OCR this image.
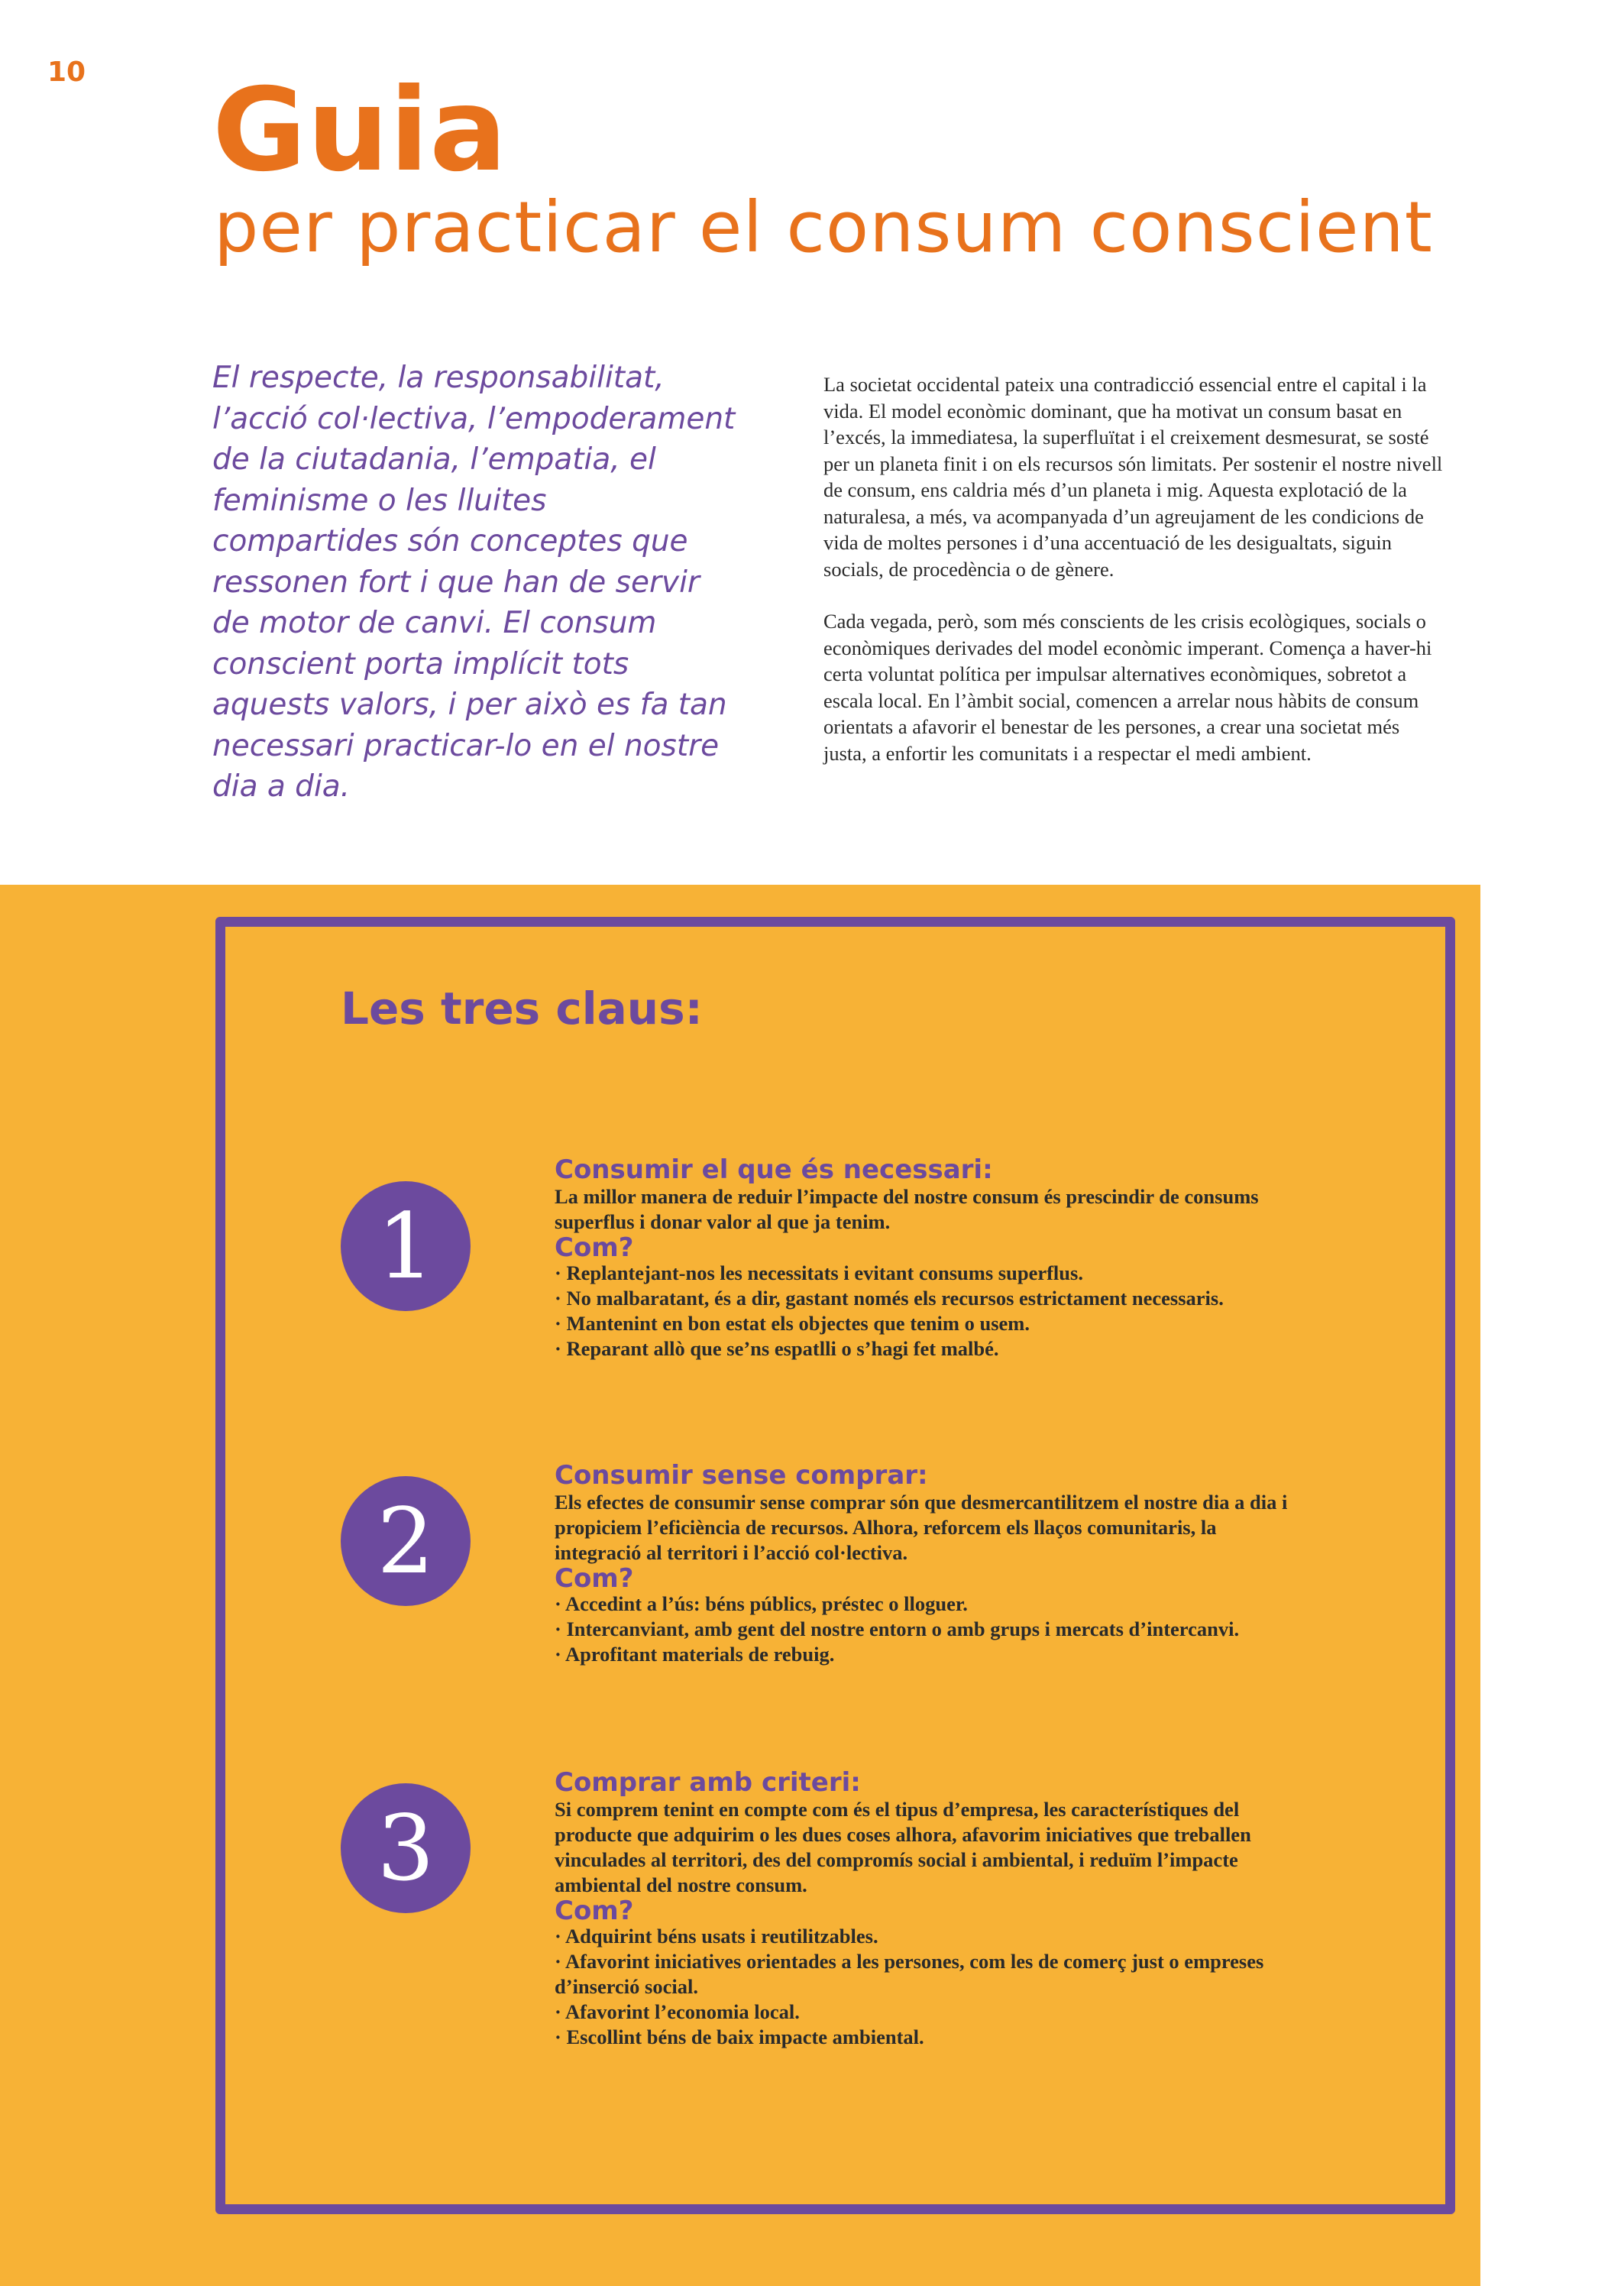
10 Guia
per practicar el consum conscient

El respecte, la responsabilitat, l’acció col·lectiva, l’empoderament de la ciutadania, l’empatia, el feminisme o les lluites compartides són conceptes que ressonen fort i que han de servir de motor de canvi. El consum conscient porta implícit tots aquests valors, i per això es fa tan necessari practicar-lo en el nostre dia a dia.

La societat occidental pateix una contradicció essencial entre el capital i la vida. El model econòmic dominant, que ha motivat un consum basat en l’excés, la immediatesa, la superfluïtat i el creixement desmesurat, se sosté per un planeta finit i on els recursos són limitats. Per sostenir el nostre nivell de consum, ens caldria més d’un planeta i mig. Aquesta explotació de la naturalesa, a més, va acompanyada d’un agreujament de les condicions de vida de moltes persones i d’una accentuació de les desigualtats, siguin socials, de procedència o de gènere.

Cada vegada, però, som més conscients de les crisis ecològiques, socials o econòmiques derivades del model econòmic imperant. Comença a haver-hi certa voluntat política per impulsar alternatives econòmiques, sobretot a escala local. En l’àmbit social, comencen a arrelar nous hàbits de consum orientats a afavorir el benestar de les persones, a crear una societat més justa, a enfortir les comunitats i a respectar el medi ambient.

Les tres claus:
1
Consumir el que és necessari:

La millor manera de reduir l’impacte del nostre consum és prescindir de consums superflus i donar valor al que ja tenim.

Com?
· Replantejant-nos les necessitats i evitant consums superflus.
· No malbaratant, és a dir, gastant només els recursos estrictament necessaris.
· Mantenint en bon estat els objectes que tenim o usem.
· Reparant allò que se’ns espatlli o s’hagi fet malbé.
2
Consumir sense comprar:

Els efectes de consumir sense comprar són que desmercantilitzem el nostre dia a dia i propiciem l’eficiència de recursos. Alhora, reforcem els llaços comunitaris, la integració al territori i l’acció col·lectiva.

Com?
· Accedint a l’ús: béns públics, préstec o lloguer.
· Intercanviant, amb gent del nostre entorn o amb grups i mercats d’intercanvi.
· Aprofitant materials de rebuig.
3
Comprar amb criteri:

Si comprem tenint en compte com és el tipus d’empresa, les característiques del producte que adquirim o les dues coses alhora, afavorim iniciatives que treballen vinculades al territori, des del compromís social i ambiental, i reduïm l’impacte ambiental del nostre consum.

Com?
· Adquirint béns usats i reutilitzables.
· Afavorint iniciatives orientades a les persones, com les de comerç just o empreses d’inserció social.
· Afavorint l’economia local.
· Escollint béns de baix impacte ambiental.
